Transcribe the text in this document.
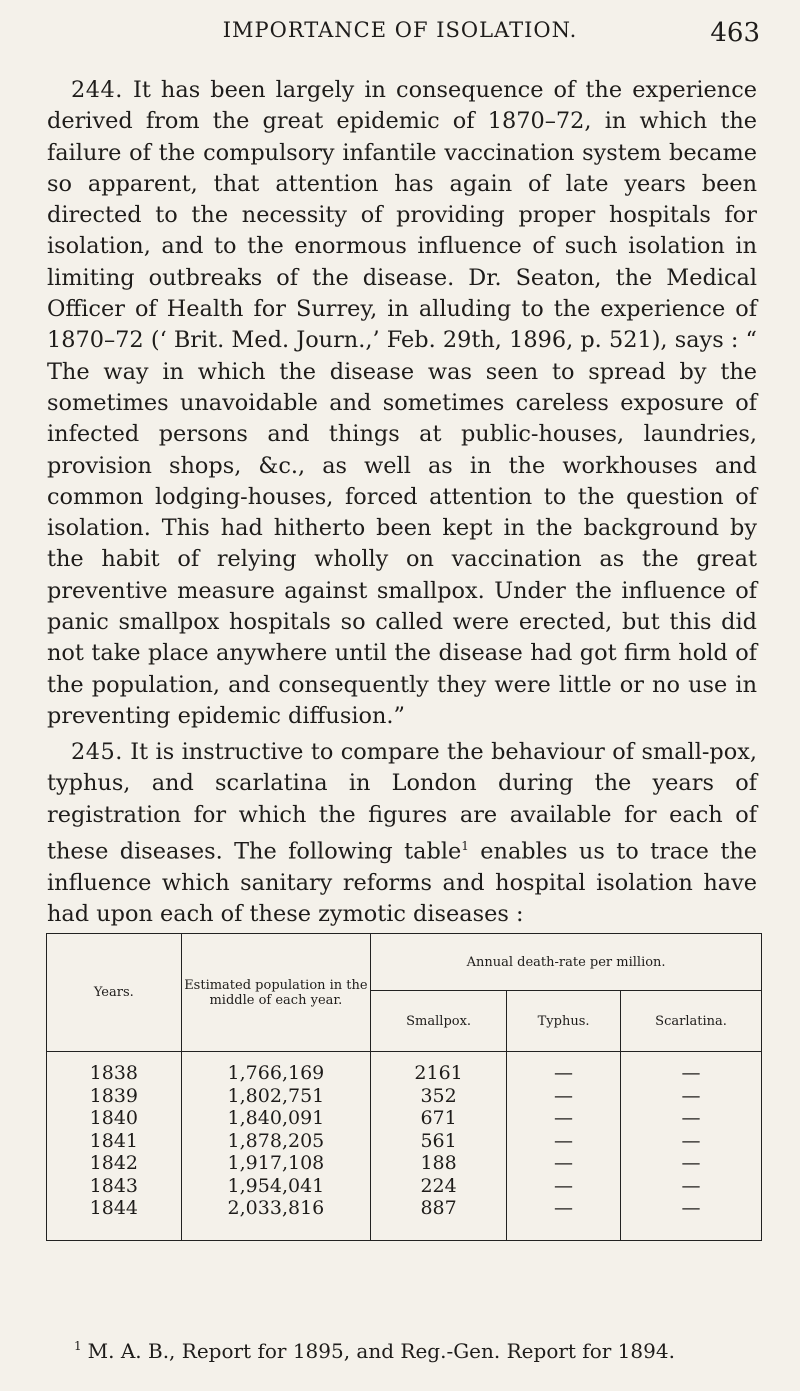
IMPORTANCE OF ISOLATION.	463

244. It has been largely in consequence of the experience derived from the great epidemic of 1870–72, in which the failure of the compulsory infantile vaccination system became so apparent, that attention has again of late years been directed to the necessity of providing proper hospitals for isolation, and to the enormous influence of such isolation in limiting outbreaks of the disease. Dr. Seaton, the Medical Officer of Health for Surrey, in alluding to the experience of 1870–72 (‘ Brit. Med. Journ.,’ Feb. 29th, 1896, p. 521), says : “ The way in which the disease was seen to spread by the sometimes unavoidable and sometimes careless exposure of infected persons and things at public-houses, laundries, provision shops, &c., as well as in the workhouses and common lodging-houses, forced attention to the question of isolation. This had hitherto been kept in the background by the habit of relying wholly on vaccination as the great preventive measure against smallpox. Under the influence of panic smallpox hospitals so called were erected, but this did not take place anywhere until the disease had got firm hold of the population, and consequently they were little or no use in preventing epidemic diffusion.”

245. It is instructive to compare the behaviour of small-pox, typhus, and scarlatina in London during the years of registration for which the figures are available for each of these diseases. The following table$^1$ enables us to trace the influence which sanitary reforms and hospital isolation have had upon each of these zymotic diseases :

Years.	Estimated population in the middle of each year.	Annual death-rate per million.		
		Smallpox.	Typhus.	Scarlatina.
1838	1,766,169	2161	—	—
1839	1,802,751	352	—	—
1840	1,840,091	671	—	—
1841	1,878,205	561	—	—
1842	1,917,108	188	—	—
1843	1,954,041	224	—	—
1844	2,033,816	887	—	—

$^1$ M. A. B., Report for 1895, and Reg.-Gen. Report for 1894.
